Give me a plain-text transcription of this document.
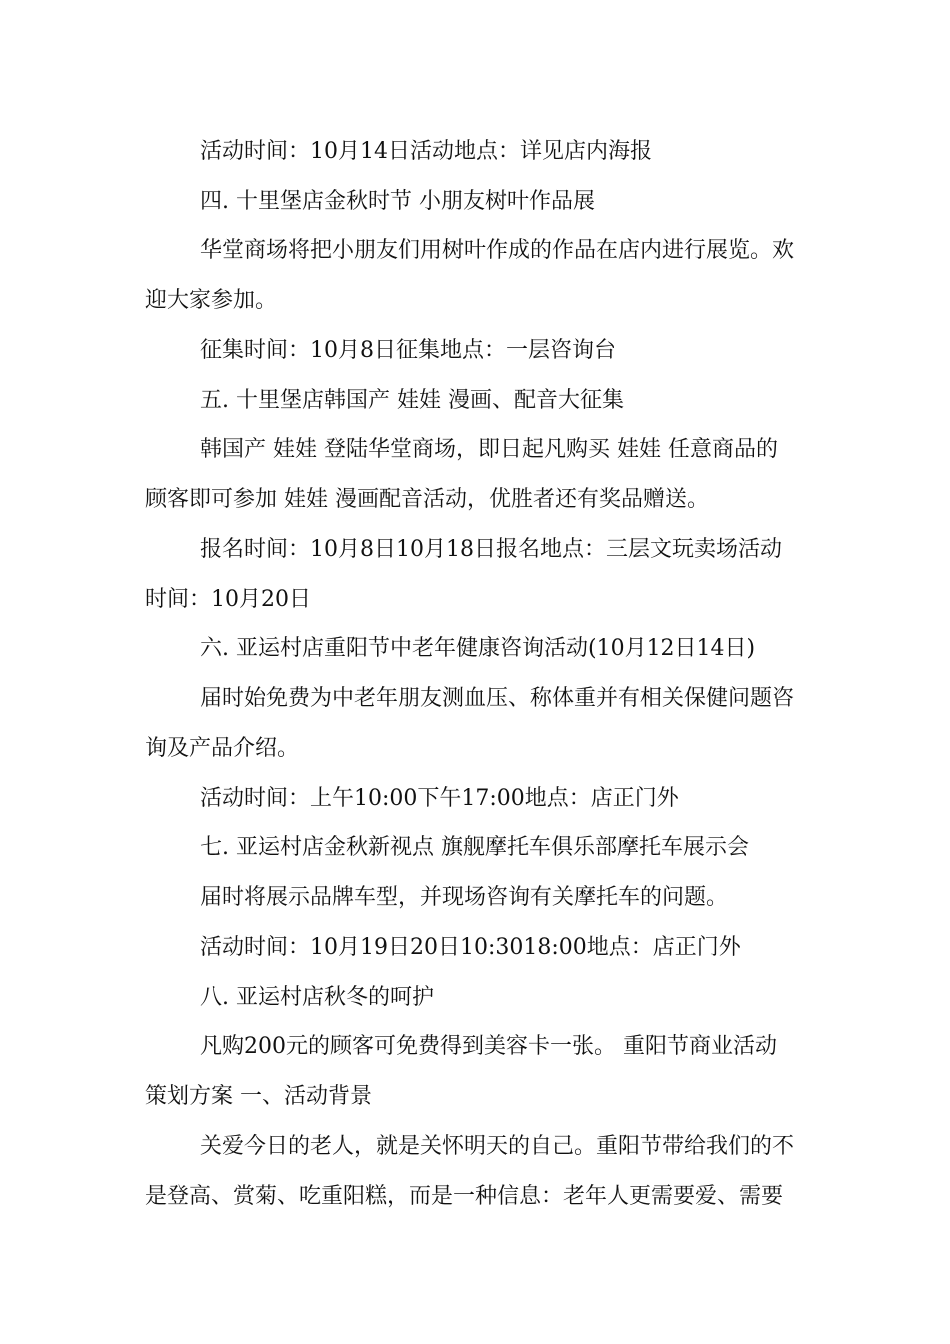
活动时间：10月14日活动地点：详见店内海报
四. 十里堡店金秋时节 小朋友树叶作品展
华堂商场将把小朋友们用树叶作成的作品在店内进行展览。欢
迎大家参加。
征集时间：10月8日征集地点：一层咨询台
五. 十里堡店韩国产 娃娃 漫画、配音大征集
韩国产 娃娃 登陆华堂商场，即日起凡购买 娃娃 任意商品的
顾客即可参加 娃娃 漫画配音活动，优胜者还有奖品赠送。
报名时间：10月8日10月18日报名地点：三层文玩卖场活动
时间：10月20日
六. 亚运村店重阳节中老年健康咨询活动(10月12日14日)
届时始免费为中老年朋友测血压、称体重并有相关保健问题咨
询及产品介绍。
活动时间：上午10:00下午17:00地点：店正门外
七. 亚运村店金秋新视点 旗舰摩托车俱乐部摩托车展示会
届时将展示品牌车型，并现场咨询有关摩托车的问题。
活动时间：10月19日20日10:3018:00地点：店正门外
八. 亚运村店秋冬的呵护
凡购200元的顾客可免费得到美容卡一张。 重阳节商业活动
策划方案 一、活动背景
关爱今日的老人，就是关怀明天的自己。重阳节带给我们的不
是登高、赏菊、吃重阳糕，而是一种信息：老年人更需要爱、需要
